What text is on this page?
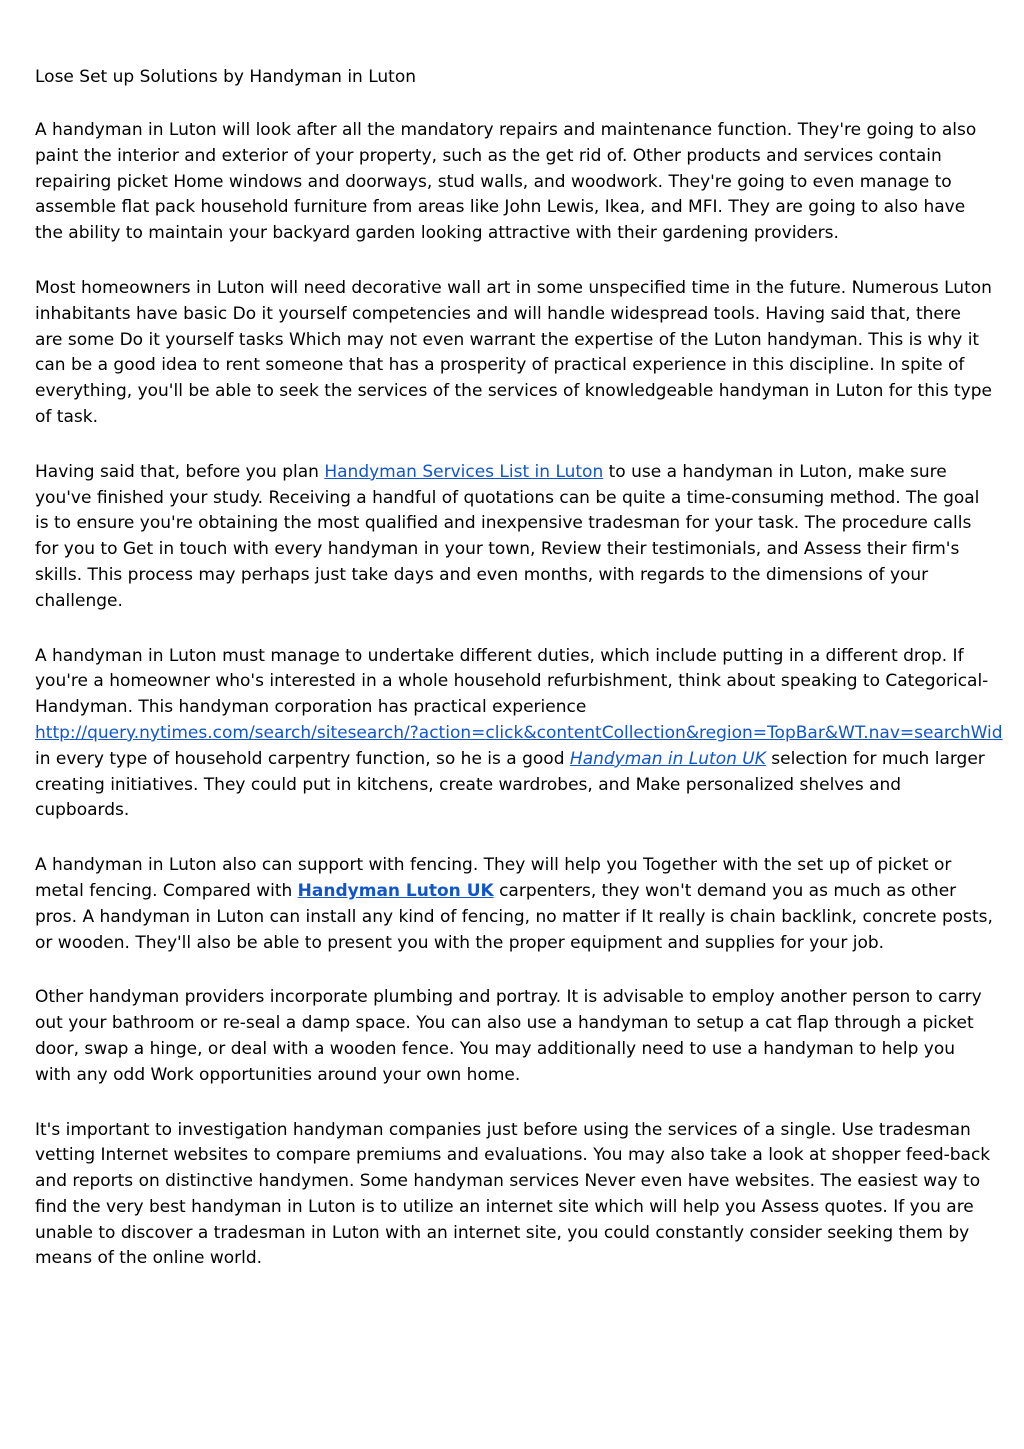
Lose Set up Solutions by Handyman in Luton

A handyman in Luton will look after all the mandatory repairs and maintenance function. They're going to also paint the interior and exterior of your property, such as the get rid of. Other products and services contain repairing picket Home windows and doorways, stud walls, and woodwork. They're going to even manage to assemble flat pack household furniture from areas like John Lewis, Ikea, and MFI. They are going to also have the ability to maintain your backyard garden looking attractive with their gardening providers.

Most homeowners in Luton will need decorative wall art in some unspecified time in the future. Numerous Luton inhabitants have basic Do it yourself competencies and will handle widespread tools. Having said that, there are some Do it yourself tasks Which may not even warrant the expertise of the Luton handyman. This is why it can be a good idea to rent someone that has a prosperity of practical experience in this discipline. In spite of everything, you'll be able to seek the services of the services of knowledgeable handyman in Luton for this type of task.

Having said that, before you plan Handyman Services List in Luton to use a handyman in Luton, make sure you've finished your study. Receiving a handful of quotations can be quite a time-consuming method. The goal is to ensure you're obtaining the most qualified and inexpensive tradesman for your task. The procedure calls for you to Get in touch with every handyman in your town, Review their testimonials, and Assess their firm's skills. This process may perhaps just take days and even months, with regards to the dimensions of your challenge.

A handyman in Luton must manage to undertake different duties, which include putting in a different drop. If you're a homeowner who's interested in a whole household refurbishment, think about speaking to Categorical-Handyman. This handyman corporation has practical experience http://query.nytimes.com/search/sitesearch/?action=click&contentCollection&region=TopBar&WT.nav=searchWid in every type of household carpentry function, so he is a good Handyman in Luton UK selection for much larger creating initiatives. They could put in kitchens, create wardrobes, and Make personalized shelves and cupboards.

A handyman in Luton also can support with fencing. They will help you Together with the set up of picket or metal fencing. Compared with Handyman Luton UK carpenters, they won't demand you as much as other pros. A handyman in Luton can install any kind of fencing, no matter if It really is chain backlink, concrete posts, or wooden. They'll also be able to present you with the proper equipment and supplies for your job.

Other handyman providers incorporate plumbing and portray. It is advisable to employ another person to carry out your bathroom or re-seal a damp space. You can also use a handyman to setup a cat flap through a picket door, swap a hinge, or deal with a wooden fence. You may additionally need to use a handyman to help you with any odd Work opportunities around your own home.

It's important to investigation handyman companies just before using the services of a single. Use tradesman vetting Internet websites to compare premiums and evaluations. You may also take a look at shopper feed-back and reports on distinctive handymen. Some handyman services Never even have websites. The easiest way to find the very best handyman in Luton is to utilize an internet site which will help you Assess quotes. If you are unable to discover a tradesman in Luton with an internet site, you could constantly consider seeking them by means of the online world.
